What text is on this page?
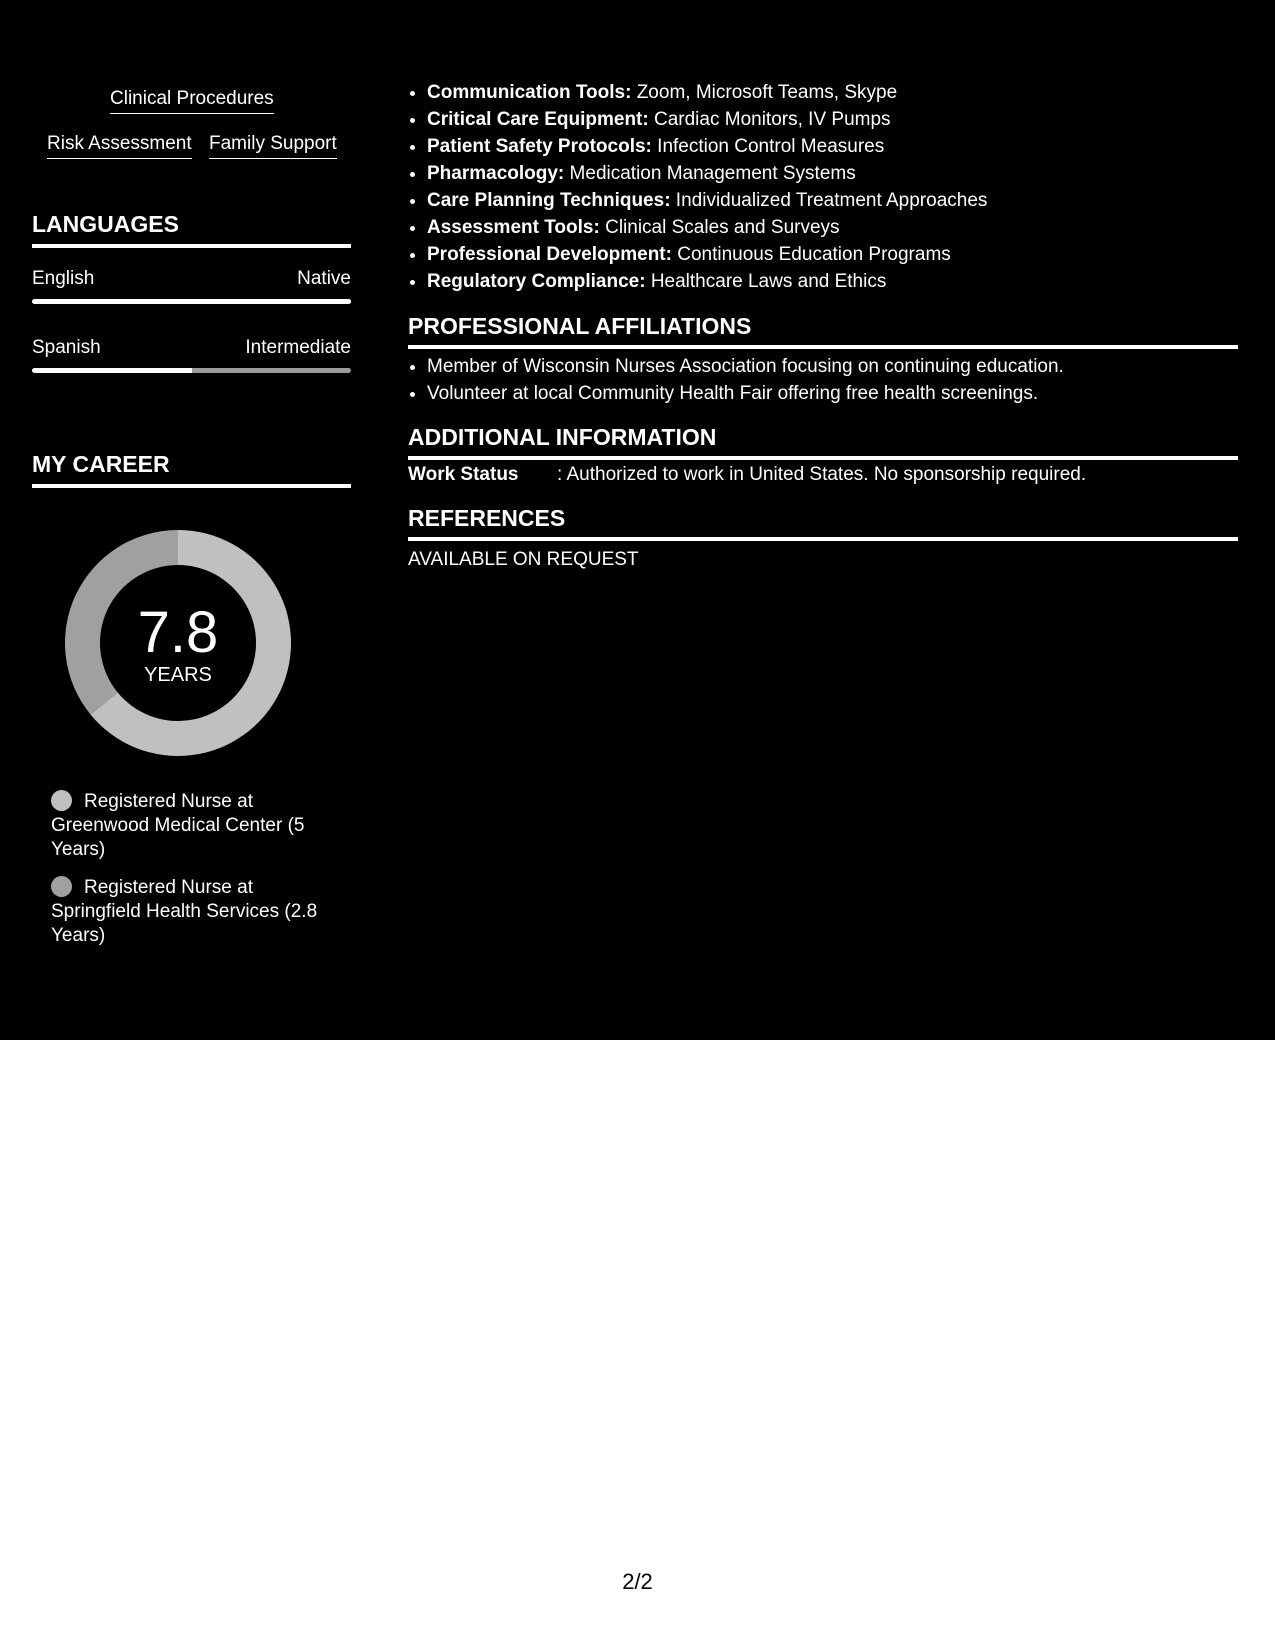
Clinical Procedures
Risk Assessment Family Support
LANGUAGES
English	Native
Spanish	Intermediate
MY CAREER
7.8
YEARS
Registered Nurse at Greenwood Medical Center (5 Years)
Registered Nurse at Springfield Health Services (2.8 Years)
• Communication Tools: Zoom, Microsoft Teams, Skype
• Critical Care Equipment: Cardiac Monitors, IV Pumps
• Patient Safety Protocols: Infection Control Measures
• Pharmacology: Medication Management Systems
• Care Planning Techniques: Individualized Treatment Approaches
• Assessment Tools: Clinical Scales and Surveys
• Professional Development: Continuous Education Programs
• Regulatory Compliance: Healthcare Laws and Ethics
PROFESSIONAL AFFILIATIONS
• Member of Wisconsin Nurses Association focusing on continuing education.
• Volunteer at local Community Health Fair offering free health screenings.
ADDITIONAL INFORMATION
Work Status : Authorized to work in United States. No sponsorship required.
REFERENCES
AVAILABLE ON REQUEST
2/2
